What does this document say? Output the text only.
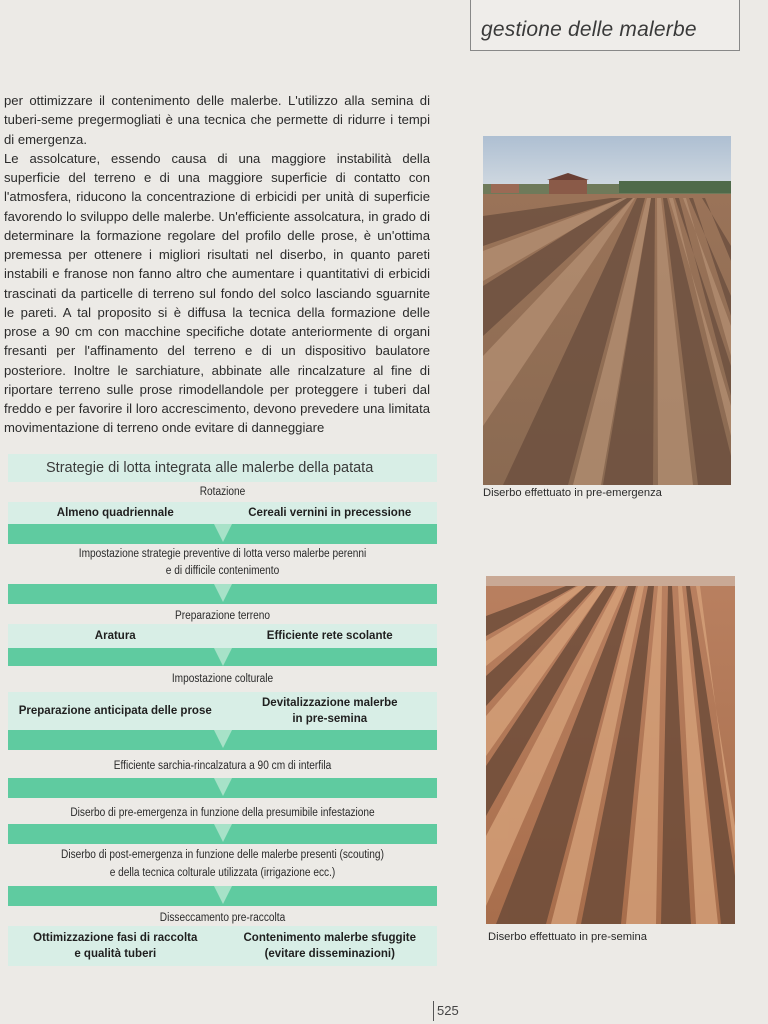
gestione delle malerbe

per ottimizzare il contenimento delle malerbe. L'utilizzo alla semina di tuberi-seme pregermogliati è una tecnica che permette di ridurre i tempi di emergenza.

Le assolcature, essendo causa di una maggiore instabilità della superficie del terreno e di una maggiore superficie di contatto con l'atmosfera, riducono la concentrazione di erbicidi per unità di superficie favorendo lo sviluppo delle malerbe. Un'efficiente assolcatura, in grado di determinare la formazione regolare del profilo delle prose, è un'ottima premessa per ottenere i migliori risultati nel diserbo, in quanto pareti instabili e franose non fanno altro che aumentare i quantitativi di erbicidi trascinati da particelle di terreno sul fondo del solco lasciando sguarnite le pareti. A tal proposito si è diffusa la tecnica della formazione delle prose a 90 cm con macchine specifiche dotate anteriormente di organi fresanti per l'affinamento del terreno e di un dispositivo baulatore posteriore. Inoltre le sarchiature, abbinate alle rincalzature al fine di riportare terreno sulle prose rimodellandole per proteggere i tuberi dal freddo e per favorire il loro accrescimento, devono prevedere una limitata movimentazione di terreno onde evitare di danneggiare

Diserbo effettuato in pre-emergenza
Diserbo effettuato in pre-semina
Strategie di lotta integrata alle malerbe della patata
Rotazione
Almeno quadriennale	Cereali vernini in precessione
Impostazione strategie preventive di lotta verso malerbe perenni
e di difficile contenimento
Preparazione terreno
Aratura	Efficiente rete scolante
Impostazione colturale
Preparazione anticipata delle prose
Devitalizzazione malerbe
in pre-semina
Efficiente sarchia-rincalzatura a 90 cm di interfila
Diserbo di pre-emergenza in funzione della presumibile infestazione
Diserbo di post-emergenza in funzione delle malerbe presenti (scouting)
e della tecnica colturale utilizzata (irrigazione ecc.)
Disseccamento pre-raccolta
Ottimizzazione fasi di raccolta
e qualità tuberi
Contenimento malerbe sfuggite
(evitare disseminazioni)
525
